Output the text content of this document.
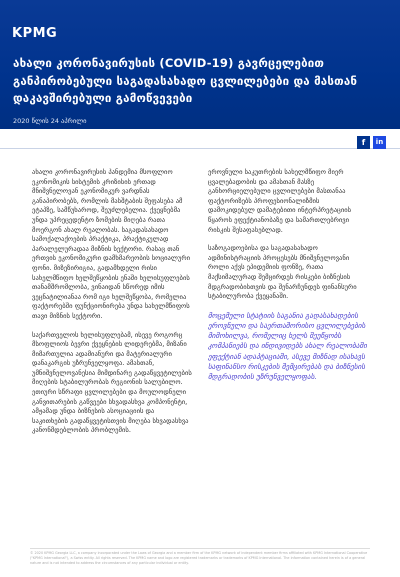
KPMG
ახალი კორონავირუსის (COVID-19) გავრცელებით განპირობებული საგადასახადო ცვლილებები და მასთან დაკავშირებული გამოწვევები
2020 წლის 24 აპრილი
f	in

ახალი კორონავირუსის პანდემია მსოფლიო ეკონომიკის სისტემის კრიზისის ერთად მნიშვნელოვან ეკონომიკურ ვარდნას განაპირობებს, რომლის მასშტაბის შეფასება ამ ეტაპზე, სამწუხაროდ, შეუძლებელია. ქვეყნებმა უნდა უპრეცედენტო ზომების მიღება რათა მოერგონ ახალ რეალობას. საგადასახადო სამოქალაქოების პრაქტიკა, პრაქტიკულად პარალელურადაა მიზნის სექტორი. რასაც თან ერთვის ეკონომიკური დამხმარეობის სოციალური ფონი. მიზეზირიგია, გადამხდელი რისი სახელმწიფო ხელშეწყობის ენაში ხელისუფლების თანამშრომლობა, ვინაიდან სწორედ იმის ვეცნატილიანაა რომ იგი ხელშეწყობა, რომელია ფაქტორებში ფუნქციონირება უნდა სახელმწიფოს თავი მიზნის სექტორი.

საქართველოს ხელისუფლებამ, ისევე როგორც მსოფლიოს ბევრი ქვეყნების ლიდერებმა, მიზანი მიმართულია ადამიანური და მატერიალური დანაკარგის უზრუნველყოფა. ამასთან, უმნიშვნელოვანესია მიმდინარე გადაწყვეტილების მიღების სტაბილურობას რეგიონის სალუბილო. ეთიური სწრაფი ცვლილებები და მოულოდნელი განვითარების გაწვეები სხვადასხვა კომპონენტი, ამჟამად უნდა ბიზნესის ასოციაციის და საკითხების გადაწყვეტისთვის მიღება სხვადასხვა კანონმდებლობის პრობლემის.

ეროვნული საკუთრების სახელმწიფო მიერ ცვალებადობის და ამასთან მასზე განხორციელებული ცვლილებები მასთანაა ფაქტორიზებს პროფესიონალიზმის დამოკიდებულ დამატებითი ინტერპრეტაციის წყაროს ეფექტიანობაზე და სამართლებრივი რისკის შესაფასებლად.

საზოგადოებისა და საგადასახადო ადმინისტრაციის პროცესებს მნიშვნელოვანი როლი აქვს ეპიდემიის ფონზე, რათა მაქსიმალურად შემცირდეს რისკები ბიზნესის მდგრადობისთვის და შენარჩუნდეს ფინანსური სტაბილურობა ქვეყანაში.

მოცემული სტატიის საგანია გადასახადების ეროვნული და საერთაშორისო ცვლილებების მიმოხილვა, რომელიც ხელს შეუწყობს კომპანიებს და ინდივიდებს ახალ რეალობაში ეფექტიან ადაპტაციაში, ასევე მიზნად ისახავს საფინანსო რისკების შემცირებას და ბიზნესის მდგრადობის უზრუნველყოფას.

© 2020 KPMG Georgia LLC, a company incorporated under the Laws of Georgia and a member firm of the KPMG network of independent member firms affiliated with KPMG International Cooperative ("KPMG International"), a Swiss entity. All rights reserved. The KPMG name and logo are registered trademarks or trademarks of KPMG International. The information contained herein is of a general nature and is not intended to address the circumstances of any particular individual or entity.
